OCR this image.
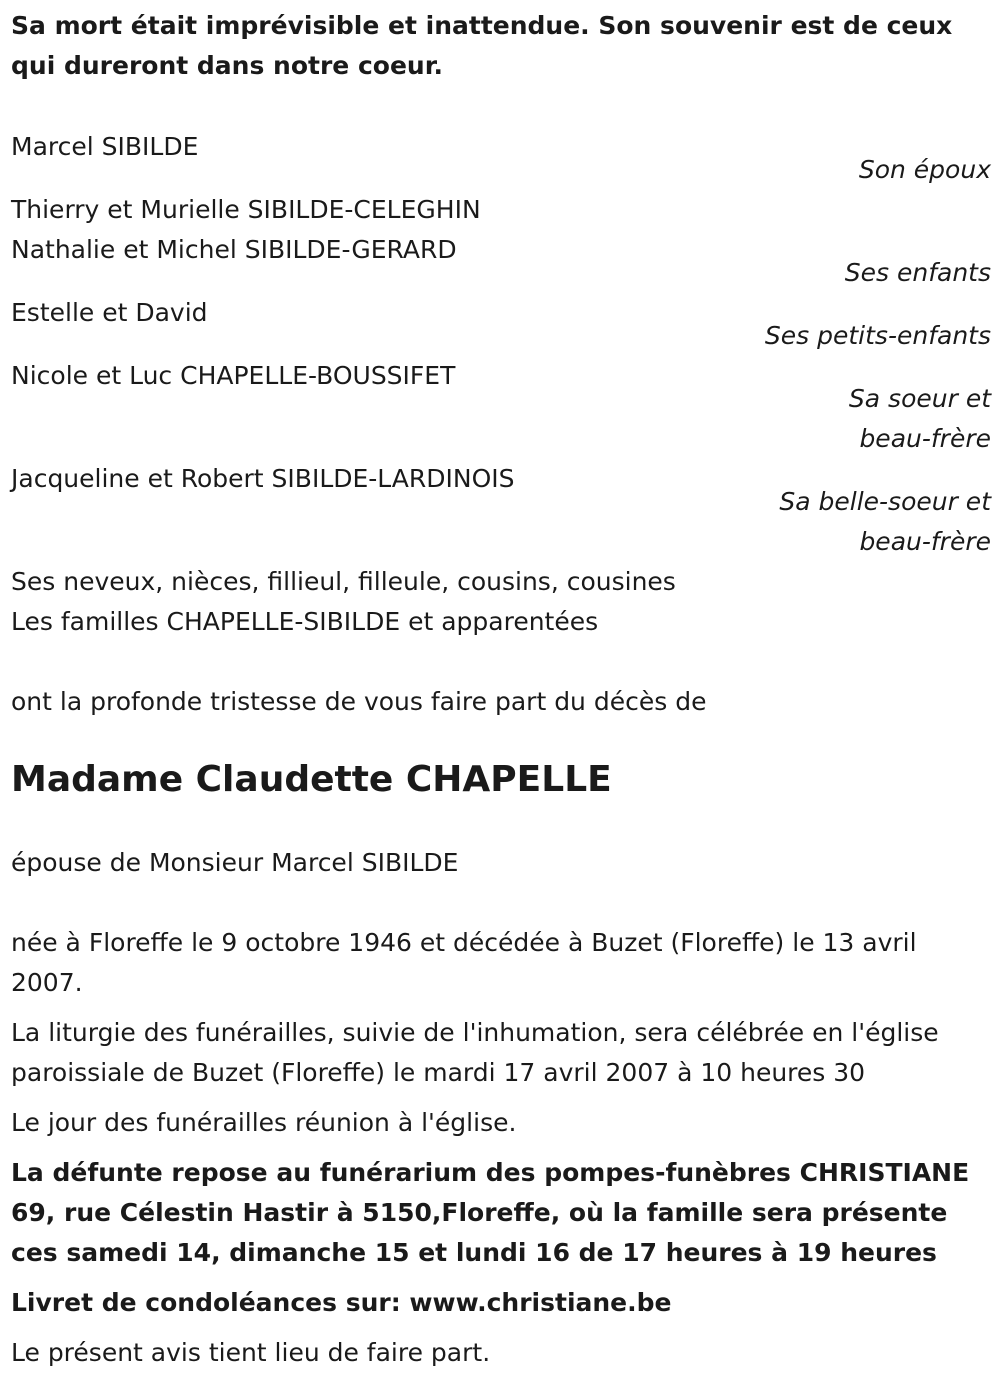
Sa mort était imprévisible et inattendue. Son souvenir est de ceux qui dureront dans notre coeur.

Marcel SIBILDE
Son époux
Thierry et Murielle SIBILDE-CELEGHIN
Nathalie et Michel SIBILDE-GERARD
Ses enfants
Estelle et David
Ses petits-enfants
Nicole et Luc CHAPELLE-BOUSSIFET
Sa soeur et
beau-frère
Jacqueline et Robert SIBILDE-LARDINOIS
Sa belle-soeur et
beau-frère
Ses neveux, nièces, fillieul, filleule, cousins, cousines
Les familles CHAPELLE-SIBILDE et apparentées

ont la profonde tristesse de vous faire part du décès de

Madame Claudette CHAPELLE

épouse de Monsieur Marcel SIBILDE

née à Floreffe le 9 octobre 1946 et décédée à Buzet (Floreffe) le 13 avril 2007.

La liturgie des funérailles, suivie de l'inhumation, sera célébrée en l'église paroissiale de Buzet (Floreffe) le mardi 17 avril 2007 à 10 heures 30

Le jour des funérailles réunion à l'église.

La défunte repose au funérarium des pompes-funèbres CHRISTIANE 69, rue Célestin Hastir à 5150,Floreffe, où la famille sera présente ces samedi 14, dimanche 15 et lundi 16 de 17 heures à 19 heures

Livret de condoléances sur: www.christiane.be

Le présent avis tient lieu de faire part.
